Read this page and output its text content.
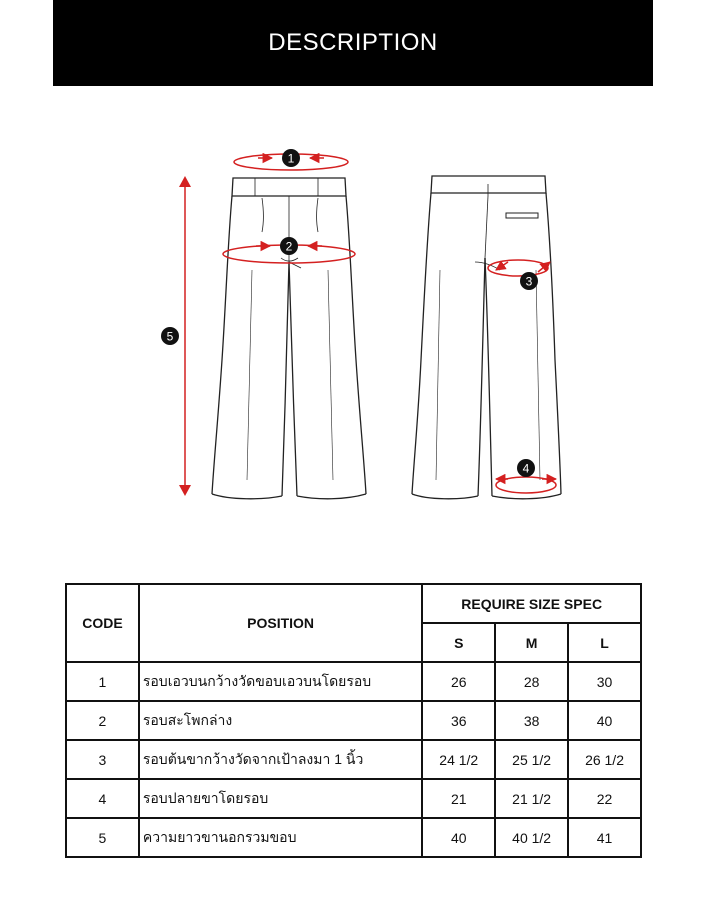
DESCRIPTION
1
2
3
4
5
CODE	POSITION	REQUIRE SIZE SPEC		
		S	M	L
1	รอบเอวบนกว้างวัดขอบเอวบนโดยรอบ	26	28	30
2	รอบสะโพกล่าง	36	38	40
3	รอบต้นขากว้างวัดจากเป้าลงมา 1 นิ้ว	24 1/2	25 1/2	26 1/2
4	รอบปลายขาโดยรอบ	21	21 1/2	22
5	ความยาวขานอกรวมขอบ	40	40 1/2	41
